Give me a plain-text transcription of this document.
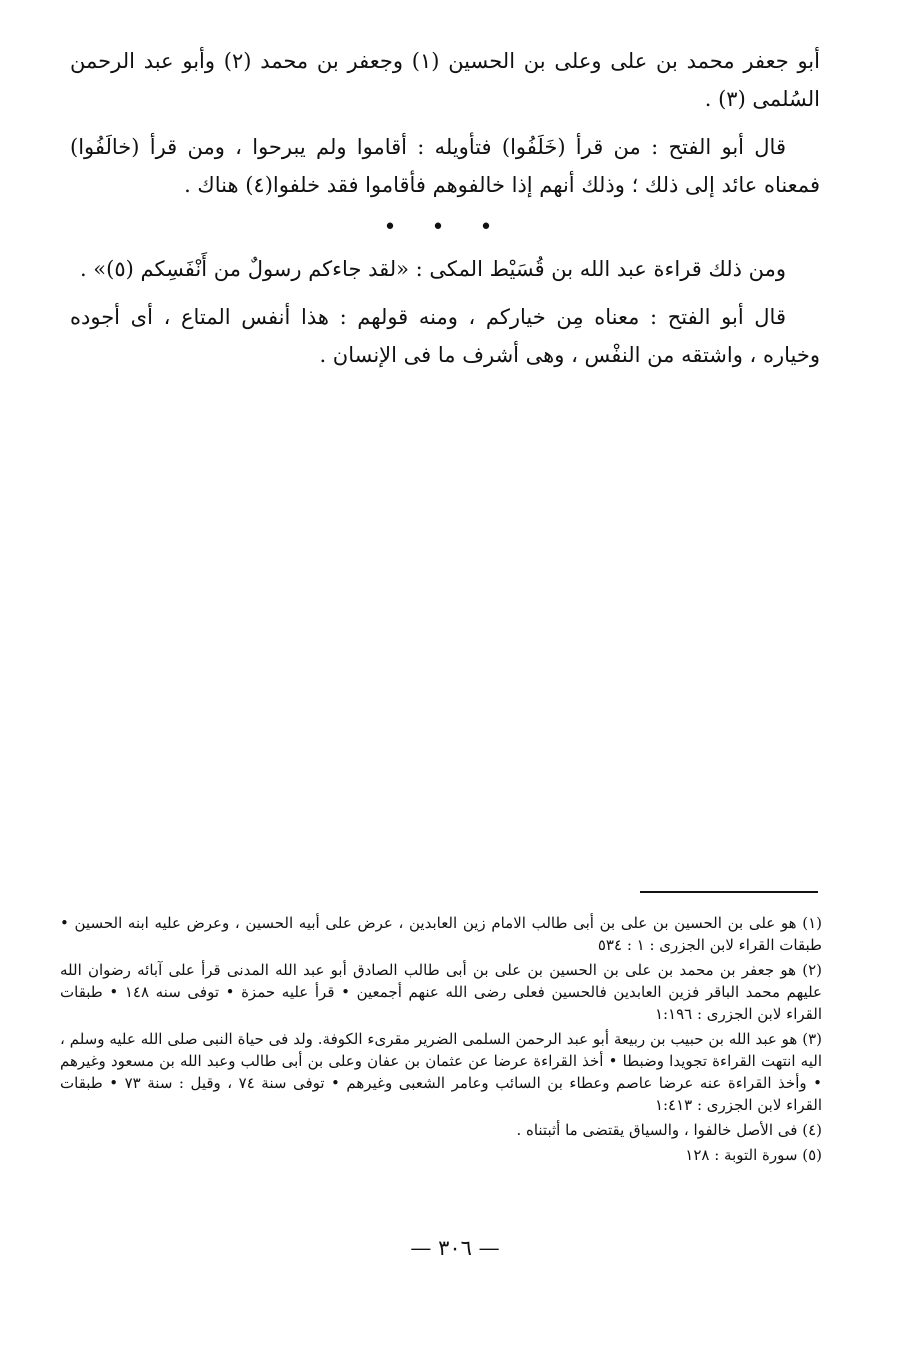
أبو جعفر محمد بن على وعلى بن الحسين (١) وجعفر بن محمد (٢) وأبو عبد الرحمن السُلمى (٣) .

قال أبو الفتح : من قرأ (خَلَفُوا) فتأويله : أقاموا ولم يبرحوا ، ومن قرأ (خالَفُوا) فمعناه عائد إلى ذلك ؛ وذلك أنهم إذا خالفوهم فأقاموا فقد خلفوا(٤) هناك .

• • •

ومن ذلك قراءة عبد الله بن قُسَيْط المكى : «لقد جاءكم رسولٌ من أَنْفَسِكم (٥)» .

قال أبو الفتح : معناه مِن خياركم ، ومنه قولهم : هذا أنفس المتاع ، أى أجوده وخياره ، واشتقه من النفْس ، وهى أشرف ما فى الإنسان .

(١) هو على بن الحسين بن على بن أبى طالب الامام زين العابدين ، عرض على أبيه الحسين ، وعرض عليه ابنه الحسين • طبقات القراء لابن الجزرى : ١ : ٥٣٤

(٢) هو جعفر بن محمد بن على بن الحسين بن على بن أبى طالب الصادق أبو عبد الله المدنى قرأ على آبائه رضوان الله عليهم محمد الباقر فزين العابدين فالحسين فعلى رضى الله عنهم أجمعين • قرأ عليه حمزة • توفى سنه ١٤٨ • طبقات القراء لابن الجزرى : ١:١٩٦

(٣) هو عبد الله بن حبيب بن ربيعة أبو عبد الرحمن السلمى الضرير مقرىء الكوفة. ولد فى حياة النبى صلى الله عليه وسلم ، اليه انتهت القراءة تجويدا وضبطا • أخذ القراءة عرضا عن عثمان بن عفان وعلى بن أبى طالب وعبد الله بن مسعود وغيرهم • وأخذ القراءة عنه عرضا عاصم وعطاء بن السائب وعامر الشعبى وغيرهم • توفى سنة ٧٤ ، وقيل : سنة ٧٣ • طبقات القراء لابن الجزرى : ١:٤١٣

(٤) فى الأصل خالفوا ، والسياق يقتضى ما أثبتناه .

(٥) سورة التوبة : ١٢٨

— ٣٠٦ —
